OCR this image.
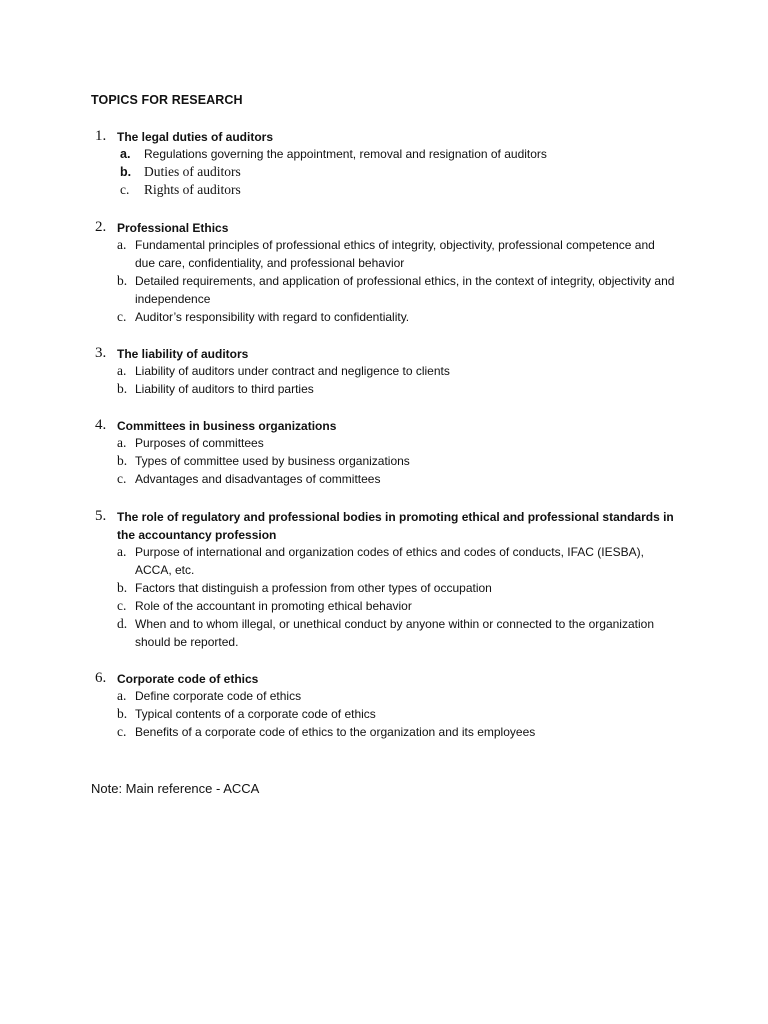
TOPICS FOR RESEARCH
1. The legal duties of auditors
a. Regulations governing the appointment, removal and resignation of auditors
b. Duties of auditors
c. Rights of auditors
2. Professional Ethics
a. Fundamental principles of professional ethics of integrity, objectivity, professional competence and due care, confidentiality, and professional behavior
b. Detailed requirements, and application of professional ethics, in the context of integrity, objectivity and independence
c. Auditor’s responsibility with regard to confidentiality.
3. The liability of auditors
a. Liability of auditors under contract and negligence to clients
b. Liability of auditors to third parties
4. Committees in business organizations
a. Purposes of committees
b. Types of committee used by business organizations
c. Advantages and disadvantages of committees
5. The role of regulatory and professional bodies in promoting ethical and professional standards in the accountancy profession
a. Purpose of international and organization codes of ethics and codes of conducts, IFAC (IESBA), ACCA, etc.
b. Factors that distinguish a profession from other types of occupation
c. Role of the accountant in promoting ethical behavior
d. When and to whom illegal, or unethical conduct by anyone within or connected to the organization should be reported.
6. Corporate code of ethics
a. Define corporate code of ethics
b. Typical contents of a corporate code of ethics
c. Benefits of a corporate code of ethics to the organization and its employees
Note: Main reference - ACCA
